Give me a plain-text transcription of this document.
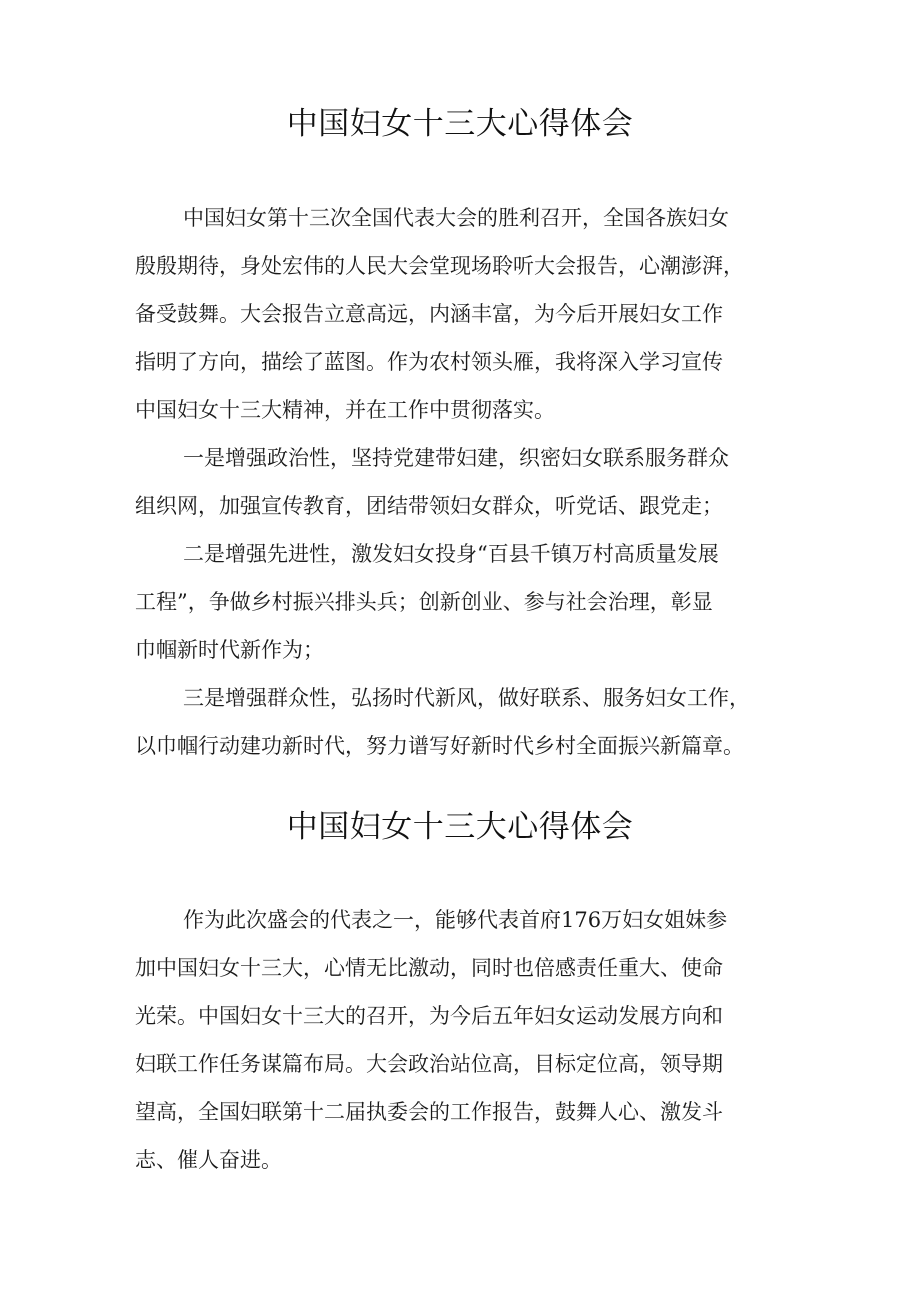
中国妇女十三大心得体会
中国妇女第十三次全国代表大会的胜利召开，全国各族妇女
殷殷期待，身处宏伟的人民大会堂现场聆听大会报告，心潮澎湃，
备受鼓舞。大会报告立意高远，内涵丰富，为今后开展妇女工作
指明了方向，描绘了蓝图。作为农村领头雁，我将深入学习宣传
中国妇女十三大精神，并在工作中贯彻落实。
一是增强政治性，坚持党建带妇建，织密妇女联系服务群众
组织网，加强宣传教育，团结带领妇女群众，听党话、跟党走；
二是增强先进性，激发妇女投身“百县千镇万村高质量发展
工程”，争做乡村振兴排头兵；创新创业、参与社会治理，彰显
巾帼新时代新作为；
三是增强群众性，弘扬时代新风，做好联系、服务妇女工作，
以巾帼行动建功新时代，努力谱写好新时代乡村全面振兴新篇章。
中国妇女十三大心得体会
作为此次盛会的代表之一，能够代表首府176万妇女姐妹参
加中国妇女十三大，心情无比激动，同时也倍感责任重大、使命
光荣。中国妇女十三大的召开，为今后五年妇女运动发展方向和
妇联工作任务谋篇布局。大会政治站位高，目标定位高，领导期
望高，全国妇联第十二届执委会的工作报告，鼓舞人心、激发斗
志、催人奋进。
